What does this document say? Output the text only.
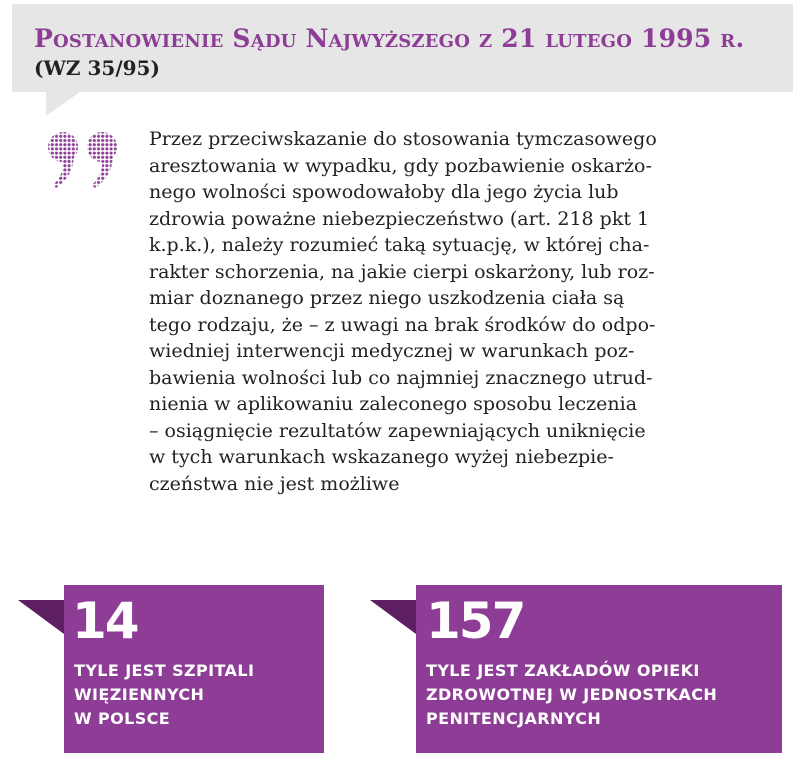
Postanowienie Sądu Najwyższego z 21 lutego 1995 r.
(WZ 35/95)

Przez przeciwskazanie do stosowania tymczasowego
aresztowania w wypadku, gdy pozbawienie oskarżo-
nego wolności spowodowałoby dla jego życia lub
zdrowia poważne niebezpieczeństwo (art. 218 pkt 1
k.p.k.), należy rozumieć taką sytuację, w której cha-
rakter schorzenia, na jakie cierpi oskarżony, lub roz-
miar doznanego przez niego uszkodzenia ciała są
tego rodzaju, że – z uwagi na brak środków do odpo-
wiedniej interwencji medycznej w warunkach poz-
bawienia wolności lub co najmniej znacznego utrud-
nienia w aplikowaniu zaleconego sposobu leczenia
– osiągnięcie rezultatów zapewniających uniknięcie
w tych warunkach wskazanego wyżej niebezpie-
czeństwa nie jest możliwe

14
TYLE JEST SZPITALI
WIĘZIENNYCH
W POLSCE
157
TYLE JEST ZAKŁADÓW OPIEKI
ZDROWOTNEJ W JEDNOSTKACH
PENITENCJARNYCH
